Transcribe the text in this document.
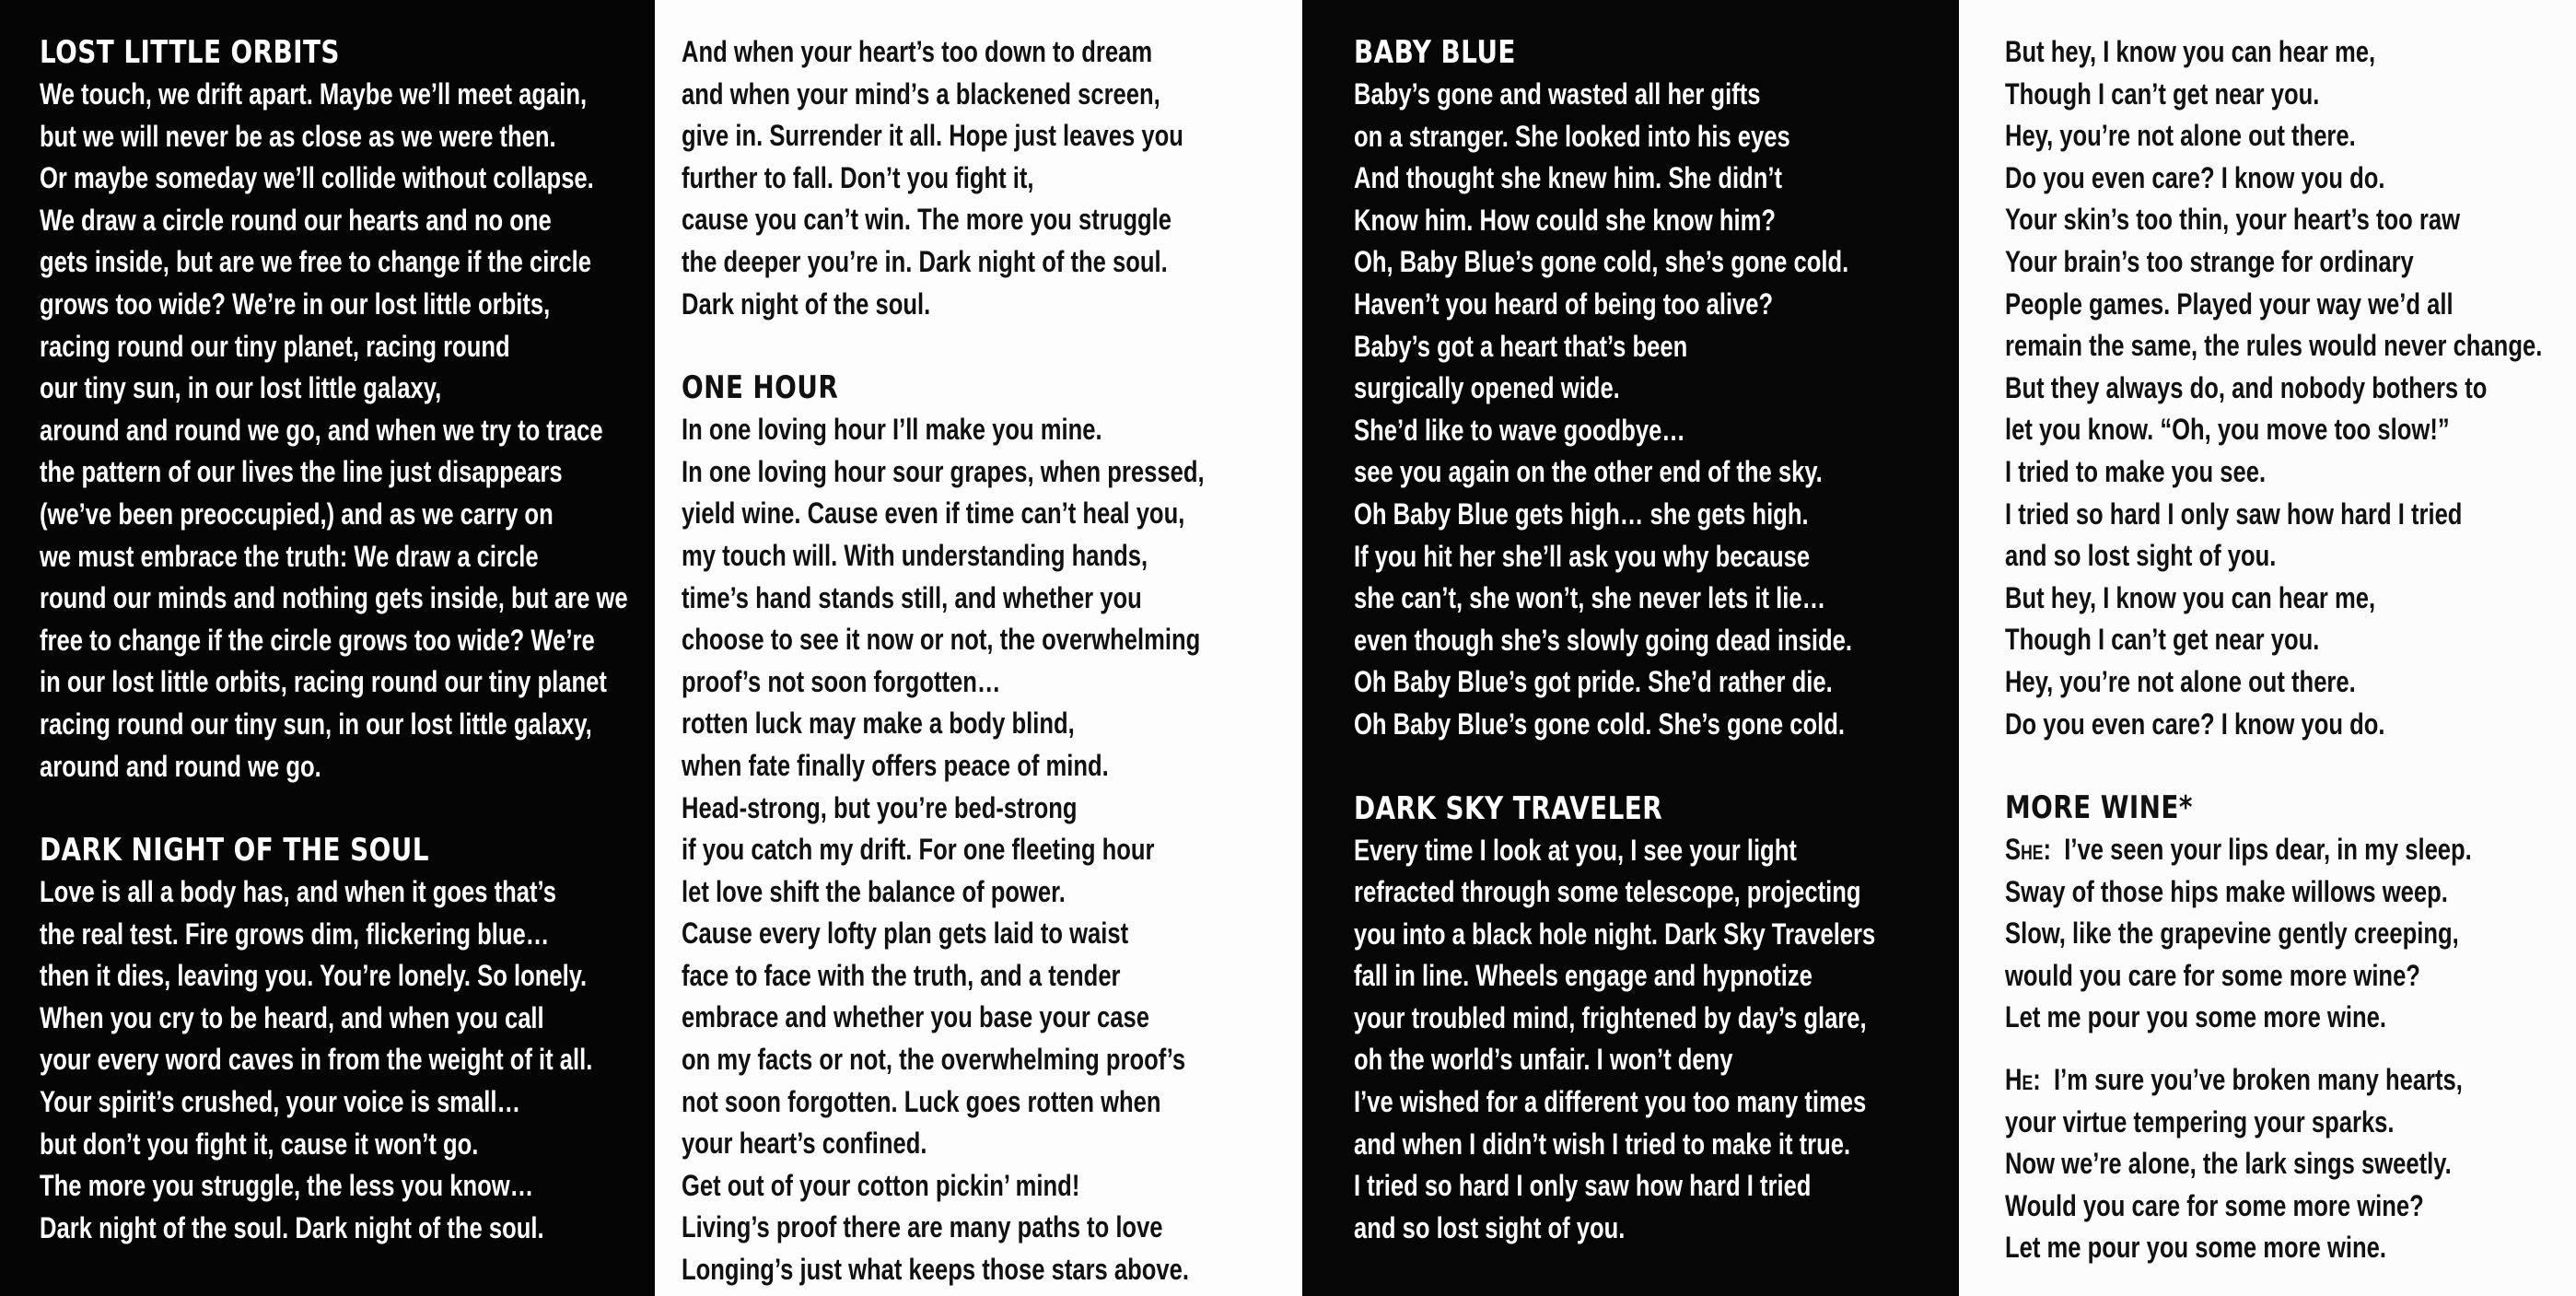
LOST LITTLE ORBITS
We touch, we drift apart. Maybe we’ll meet again,
but we will never be as close as we were then.
Or maybe someday we’ll collide without collapse.
We draw a circle round our hearts and no one
gets inside, but are we free to change if the circle
grows too wide? We’re in our lost little orbits,
racing round our tiny planet, racing round
our tiny sun, in our lost little galaxy,
around and round we go, and when we try to trace
the pattern of our lives the line just disappears
(we’ve been preoccupied,) and as we carry on
we must embrace the truth: We draw a circle
round our minds and nothing gets inside, but are we
free to change if the circle grows too wide? We’re
in our lost little orbits, racing round our tiny planet
racing round our tiny sun, in our lost little galaxy,
around and round we go.
DARK NIGHT OF THE SOUL
Love is all a body has, and when it goes that’s
the real test. Fire grows dim, flickering blue…
then it dies, leaving you. You’re lonely. So lonely.
When you cry to be heard, and when you call
your every word caves in from the weight of it all.
Your spirit’s crushed, your voice is small…
but don’t you fight it, cause it won’t go.
The more you struggle, the less you know…
Dark night of the soul. Dark night of the soul.
And when your heart’s too down to dream
and when your mind’s a blackened screen,
give in. Surrender it all. Hope just leaves you
further to fall. Don’t you fight it,
cause you can’t win. The more you struggle
the deeper you’re in. Dark night of the soul.
Dark night of the soul.
ONE HOUR
In one loving hour I’ll make you mine.
In one loving hour sour grapes, when pressed,
yield wine. Cause even if time can’t heal you,
my touch will. With understanding hands,
time’s hand stands still, and whether you
choose to see it now or not, the overwhelming
proof’s not soon forgotten…
rotten luck may make a body blind,
when fate finally offers peace of mind.
Head-strong, but you’re bed-strong
if you catch my drift. For one fleeting hour
let love shift the balance of power.
Cause every lofty plan gets laid to waist
face to face with the truth, and a tender
embrace and whether you base your case
on my facts or not, the overwhelming proof’s
not soon forgotten. Luck goes rotten when
your heart’s confined.
Get out of your cotton pickin’ mind!
Living’s proof there are many paths to love
Longing’s just what keeps those stars above.
BABY BLUE
Baby’s gone and wasted all her gifts
on a stranger. She looked into his eyes
And thought she knew him. She didn’t
Know him. How could she know him?
Oh, Baby Blue’s gone cold, she’s gone cold.
Haven’t you heard of being too alive?
Baby’s got a heart that’s been
surgically opened wide.
She’d like to wave goodbye…
see you again on the other end of the sky.
Oh Baby Blue gets high… she gets high.
If you hit her she’ll ask you why because
she can’t, she won’t, she never lets it lie…
even though she’s slowly going dead inside.
Oh Baby Blue’s got pride. She’d rather die.
Oh Baby Blue’s gone cold. She’s gone cold.
DARK SKY TRAVELER
Every time I look at you, I see your light
refracted through some telescope, projecting
you into a black hole night. Dark Sky Travelers
fall in line. Wheels engage and hypnotize
your troubled mind, frightened by day’s glare,
oh the world’s unfair. I won’t deny
I’ve wished for a different you too many times
and when I didn’t wish I tried to make it true.
I tried so hard I only saw how hard I tried
and so lost sight of you.
But hey, I know you can hear me,
Though I can’t get near you.
Hey, you’re not alone out there.
Do you even care? I know you do.
Your skin’s too thin, your heart’s too raw
Your brain’s too strange for ordinary
People games. Played your way we’d all
remain the same, the rules would never change.
But they always do, and nobody bothers to
let you know. “Oh, you move too slow!”
I tried to make you see.
I tried so hard I only saw how hard I tried
and so lost sight of you.
But hey, I know you can hear me,
Though I can’t get near you.
Hey, you’re not alone out there.
Do you even care? I know you do.
MORE WINE*
She: I’ve seen your lips dear, in my sleep.
Sway of those hips make willows weep.
Slow, like the grapevine gently creeping,
would you care for some more wine?
Let me pour you some more wine.
He: I’m sure you’ve broken many hearts,
your virtue tempering your sparks.
Now we’re alone, the lark sings sweetly.
Would you care for some more wine?
Let me pour you some more wine.
